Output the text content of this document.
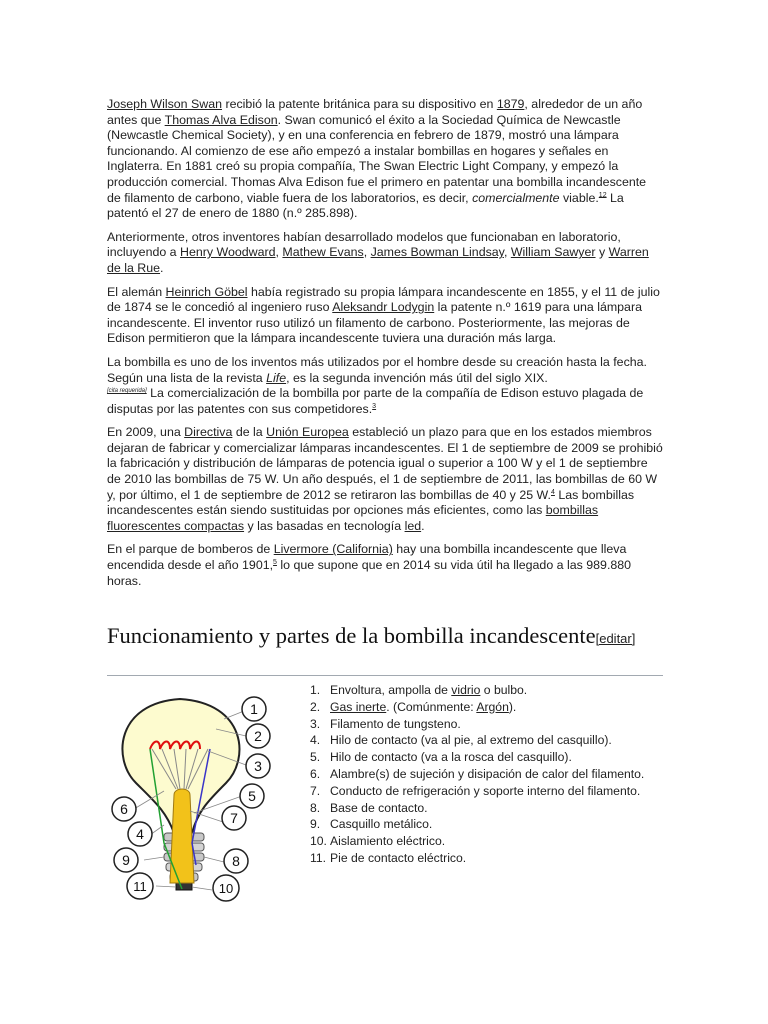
Joseph Wilson Swan recibió la patente británica para su dispositivo en 1879, alrededor de un año antes que Thomas Alva Edison. Swan comunicó el éxito a la Sociedad Química de Newcastle (Newcastle Chemical Society), y en una conferencia en febrero de 1879, mostró una lámpara funcionando. Al comienzo de ese año empezó a instalar bombillas en hogares y señales en Inglaterra. En 1881 creó su propia compañía, The Swan Electric Light Company, y empezó la producción comercial. Thomas Alva Edison fue el primero en patentar una bombilla incandescente de filamento de carbono, viable fuera de los laboratorios, es decir, comercialmente viable.$^{12}$ La patentó el 27 de enero de 1880 (n.º 285.898).

Anteriormente, otros inventores habían desarrollado modelos que funcionaban en laboratorio, incluyendo a Henry Woodward, Mathew Evans, James Bowman Lindsay, William Sawyer y Warren de la Rue.

El alemán Heinrich Göbel había registrado su propia lámpara incandescente en 1855, y el 11 de julio de 1874 se le concedió al ingeniero ruso Aleksandr Lodygin la patente n.º 1619 para una lámpara incandescente. El inventor ruso utilizó un filamento de carbono. Posteriormente, las mejoras de Edison permitieron que la lámpara incandescente tuviera una duración más larga.

La bombilla es uno de los inventos más utilizados por el hombre desde su creación hasta la fecha. Según una lista de la revista Life, es la segunda invención más útil del siglo XIX.
[cita requerida] La comercialización de la bombilla por parte de la compañía de Edison estuvo plagada de disputas por las patentes con sus competidores.$^3$

En 2009, una Directiva de la Unión Europea estableció un plazo para que en los estados miembros dejaran de fabricar y comercializar lámparas incandescentes. El 1 de septiembre de 2009 se prohibió la fabricación y distribución de lámparas de potencia igual o superior a 100 W y el 1 de septiembre de 2010 las bombillas de 75 W. Un año después, el 1 de septiembre de 2011, las bombillas de 60 W y, por último, el 1 de septiembre de 2012 se retiraron las bombillas de 40 y 25 W.$^4$ Las bombillas incandescentes están siendo sustituidas por opciones más eficientes, como las bombillas fluorescentes compactas y las basadas en tecnología led.

En el parque de bomberos de Livermore (California) hay una bombilla incandescente que lleva encendida desde el año 1901,$^5$ lo que supone que en 2014 su vida útil ha llegado a las 989.880 horas.

Funcionamiento y partes de la bombilla incandescente[editar]
1
2
3
4
5
6
7
8
9
10
11
1. Envoltura, ampolla de vidrio o bulbo.
2. Gas inerte. (Comúnmente: Argón).
3. Filamento de tungsteno.
4. Hilo de contacto (va al pie, al extremo del casquillo).
5. Hilo de contacto (va a la rosca del casquillo).
6. Alambre(s) de sujeción y disipación de calor del filamento.
7. Conducto de refrigeración y soporte interno del filamento.
8. Base de contacto.
9. Casquillo metálico.
10. Aislamiento eléctrico.
11. Pie de contacto eléctrico.
